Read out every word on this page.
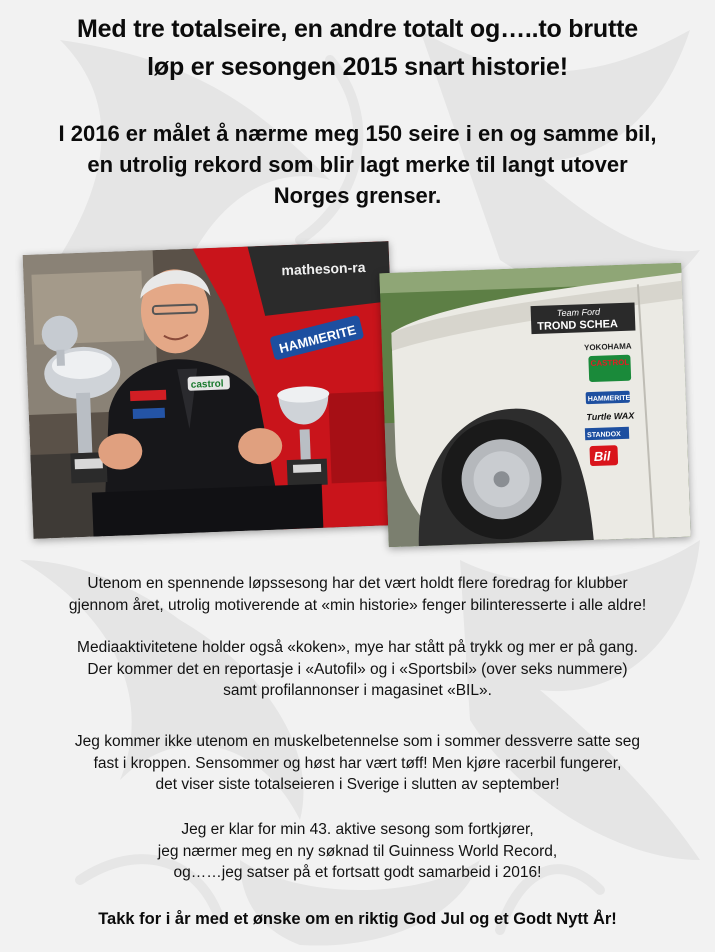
Med tre totalseire, en andre totalt og…..to brutte
løp er sesongen 2015 snart historie!
I 2016 er målet å nærme meg 150 seire i en og samme bil,
en utrolig rekord som blir lagt merke til langt utover
Norges grenser.
matheson-ra
HAMMERITE
castrol
Team Ford
TROND SCHEA
YOKOHAMA
CASTROL
HAMMERITE
Turtle WAX
STANDOX
Bil
Utenom en spennende løpssesong har det vært holdt flere foredrag for klubber
gjennom året, utrolig motiverende at «min historie» fenger bilinteresserte i alle aldre!
Mediaaktivitetene holder også «koken», mye har stått på trykk og mer er på gang.
Der kommer det en reportasje i «Autofil» og i «Sportsbil» (over seks nummere)
samt profilannonser i magasinet «BIL».
Jeg kommer ikke utenom en muskelbetennelse som i sommer dessverre satte seg
fast i kroppen. Sensommer og høst har vært tøff! Men kjøre racerbil fungerer,
det viser siste totalseieren i Sverige i slutten av september!
Jeg er klar for min 43. aktive sesong som fortkjører,
jeg nærmer meg en ny søknad til Guinness World Record,
og……jeg satser på et fortsatt godt samarbeid i 2016!
Takk for i år med et ønske om en riktig God Jul og et Godt Nytt År!
